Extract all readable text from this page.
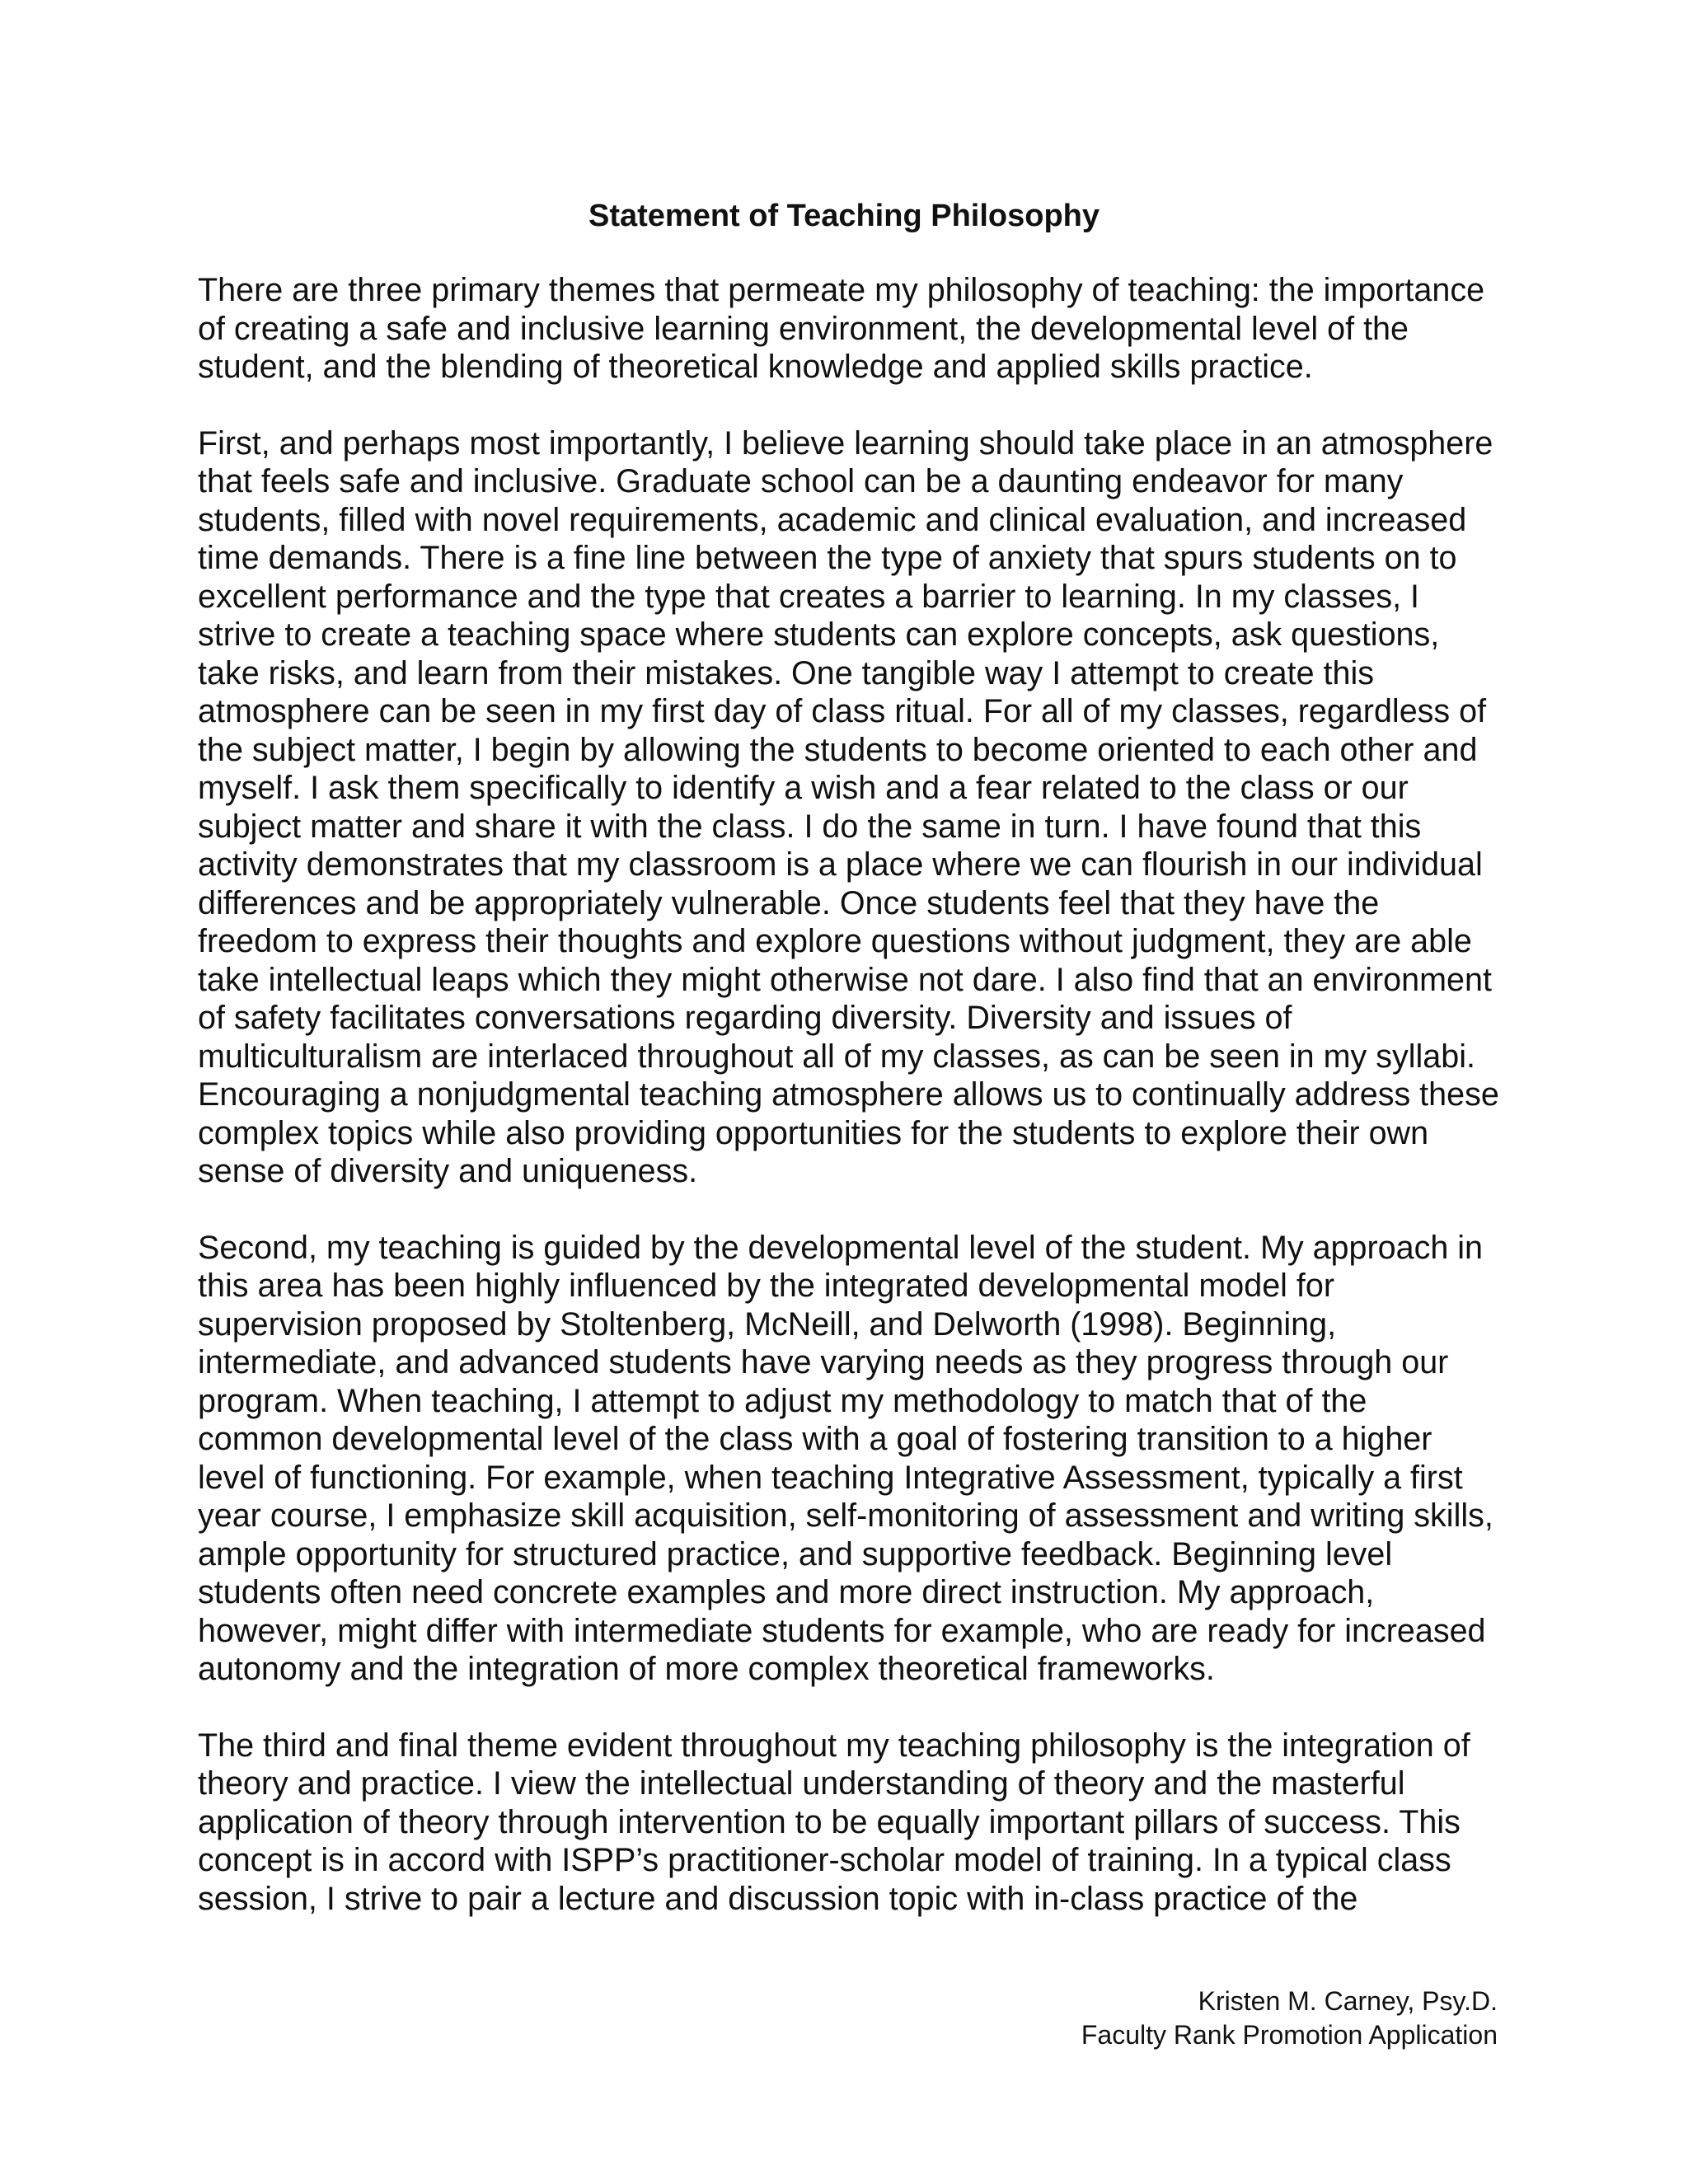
Statement of Teaching Philosophy

There are three primary themes that permeate my philosophy of teaching: the importance of creating a safe and inclusive learning environment, the developmental level of the student, and the blending of theoretical knowledge and applied skills practice.

First, and perhaps most importantly, I believe learning should take place in an atmosphere that feels safe and inclusive. Graduate school can be a daunting endeavor for many students, filled with novel requirements, academic and clinical evaluation, and increased time demands. There is a fine line between the type of anxiety that spurs students on to excellent performance and the type that creates a barrier to learning. In my classes, I strive to create a teaching space where students can explore concepts, ask questions, take risks, and learn from their mistakes. One tangible way I attempt to create this atmosphere can be seen in my first day of class ritual. For all of my classes, regardless of the subject matter, I begin by allowing the students to become oriented to each other and myself. I ask them specifically to identify a wish and a fear related to the class or our subject matter and share it with the class. I do the same in turn. I have found that this activity demonstrates that my classroom is a place where we can flourish in our individual differences and be appropriately vulnerable. Once students feel that they have the freedom to express their thoughts and explore questions without judgment, they are able take intellectual leaps which they might otherwise not dare. I also find that an environment of safety facilitates conversations regarding diversity. Diversity and issues of multiculturalism are interlaced throughout all of my classes, as can be seen in my syllabi. Encouraging a nonjudgmental teaching atmosphere allows us to continually address these complex topics while also providing opportunities for the students to explore their own sense of diversity and uniqueness.

Second, my teaching is guided by the developmental level of the student. My approach in this area has been highly influenced by the integrated developmental model for supervision proposed by Stoltenberg, McNeill, and Delworth (1998). Beginning, intermediate, and advanced students have varying needs as they progress through our program. When teaching, I attempt to adjust my methodology to match that of the common developmental level of the class with a goal of fostering transition to a higher level of functioning. For example, when teaching Integrative Assessment, typically a first year course, I emphasize skill acquisition, self-monitoring of assessment and writing skills, ample opportunity for structured practice, and supportive feedback. Beginning level students often need concrete examples and more direct instruction. My approach, however, might differ with intermediate students for example, who are ready for increased autonomy and the integration of more complex theoretical frameworks.

The third and final theme evident throughout my teaching philosophy is the integration of theory and practice. I view the intellectual understanding of theory and the masterful application of theory through intervention to be equally important pillars of success. This concept is in accord with ISPP’s practitioner-scholar model of training. In a typical class session, I strive to pair a lecture and discussion topic with in-class practice of the

Kristen M. Carney, Psy.D.
Faculty Rank Promotion Application
